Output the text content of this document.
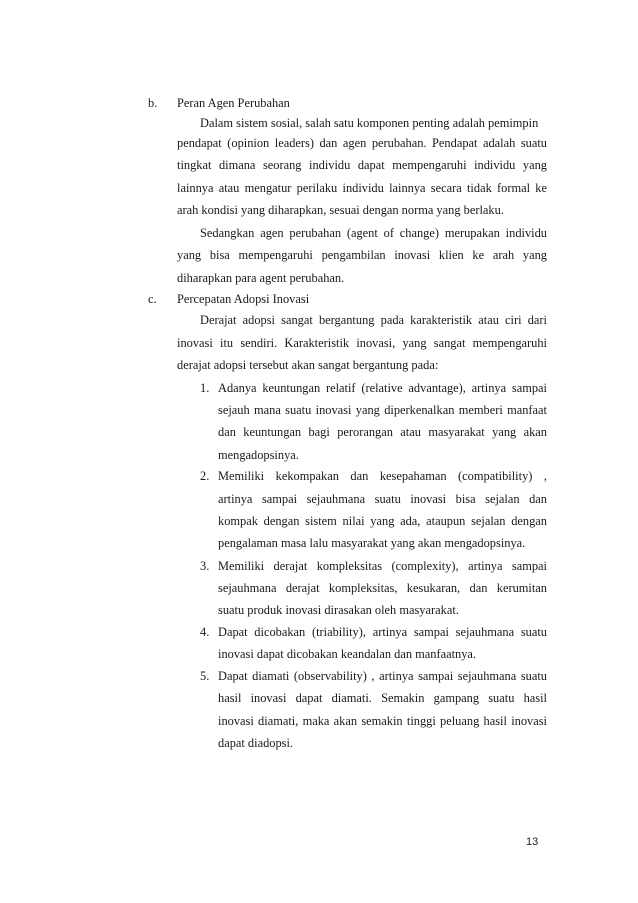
b. Peran Agen Perubahan
Dalam sistem sosial, salah satu komponen penting adalah pemimpin
pendapat (opinion leaders) dan agen perubahan. Pendapat adalah suatu
tingkat dimana seorang individu dapat mempengaruhi individu yang
lainnya atau mengatur perilaku individu lainnya secara tidak formal ke
arah kondisi yang diharapkan, sesuai dengan norma yang berlaku.
Sedangkan agen perubahan (agent of change) merupakan individu
yang bisa mempengaruhi pengambilan inovasi klien ke arah yang
diharapkan para agent perubahan.
c. Percepatan Adopsi Inovasi
Derajat adopsi sangat bergantung pada karakteristik atau ciri dari
inovasi itu sendiri. Karakteristik inovasi, yang sangat mempengaruhi
derajat adopsi tersebut akan sangat bergantung pada:
1. Adanya keuntungan relatif (relative advantage), artinya sampai
sejauh mana suatu inovasi yang diperkenalkan memberi manfaat
dan keuntungan bagi perorangan atau masyarakat yang akan
mengadopsinya.
2. Memiliki kekompakan dan kesepahaman (compatibility) ,
artinya sampai sejauhmana suatu inovasi bisa sejalan dan
kompak dengan sistem nilai yang ada, ataupun sejalan dengan
pengalaman masa lalu masyarakat yang akan mengadopsinya.
3. Memiliki derajat kompleksitas (complexity), artinya sampai
sejauhmana derajat kompleksitas, kesukaran, dan kerumitan
suatu produk inovasi dirasakan oleh masyarakat.
4. Dapat dicobakan (triability), artinya sampai sejauhmana suatu
inovasi dapat dicobakan keandalan dan manfaatnya.
5. Dapat diamati (observability) , artinya sampai sejauhmana suatu
hasil inovasi dapat diamati. Semakin gampang suatu hasil
inovasi diamati, maka akan semakin tinggi peluang hasil inovasi
dapat diadopsi.
13
